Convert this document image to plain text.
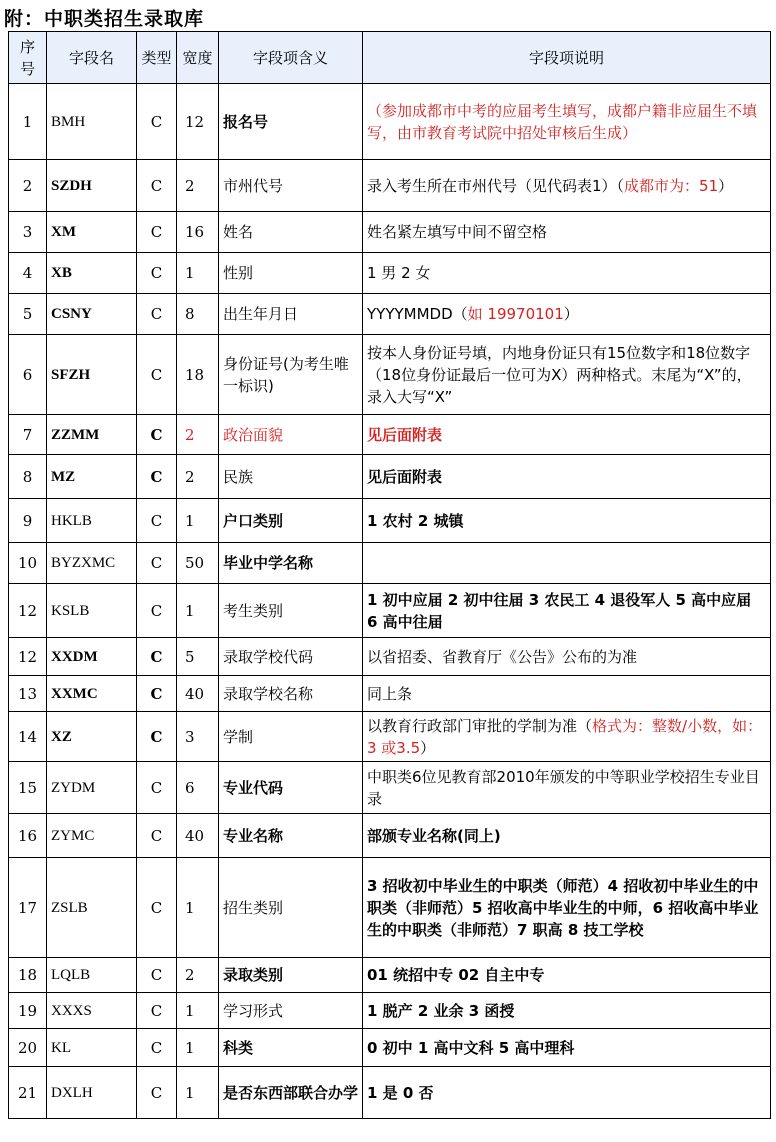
附：中职类招生录取库
序号	字段名	类型	宽度	字段项含义	字段项说明
1	BMH	C	12	报名号	（参加成都市中考的应届考生填写，成都户籍非应届生不填写，由市教育考试院中招处审核后生成）
2	SZDH	C	2	市州代号	录入考生所在市州代号（见代码表1）（成都市为：51）
3	XM	C	16	姓名	姓名紧左填写中间不留空格
4	XB	C	1	性别	1 男 2 女
5	CSNY	C	8	出生年月日	YYYYMMDD（如 19970101）
6	SFZH	C	18	身份证号(为考生唯一标识)	按本人身份证号填，内地身份证只有15位数字和18位数字（18位身份证最后一位可为X）两种格式。末尾为“X”的，录入大写“X”
7	ZZMM	C	2	政治面貌	见后面附表
8	MZ	C	2	民族	见后面附表
9	HKLB	C	1	户口类别	1 农村 2 城镇
10	BYZXMC	C	50	毕业中学名称	
12	KSLB	C	1	考生类别	1 初中应届 2 初中往届 3 农民工 4 退役军人 5 高中应届 6 高中往届
12	XXDM	C	5	录取学校代码	以省招委、省教育厅《公告》公布的为准
13	XXMC	C	40	录取学校名称	同上条
14	XZ	C	3	学制	以教育行政部门审批的学制为准（格式为：整数/小数，如：3 或3.5）
15	ZYDM	C	6	专业代码	中职类6位见教育部2010年颁发的中等职业学校招生专业目录
16	ZYMC	C	40	专业名称	部颁专业名称(同上)
17	ZSLB	C	1	招生类别	3 招收初中毕业生的中职类（师范）4 招收初中毕业生的中职类（非师范）5 招收高中毕业生的中师，6 招收高中毕业生的中职类（非师范）7 职高 8 技工学校
18	LQLB	C	2	录取类别	01 统招中专 02 自主中专
19	XXXS	C	1	学习形式	1 脱产 2 业余 3 函授
20	KL	C	1	科类	0 初中 1 高中文科 5 高中理科
21	DXLH	C	1	是否东西部联合办学	1 是 0 否
